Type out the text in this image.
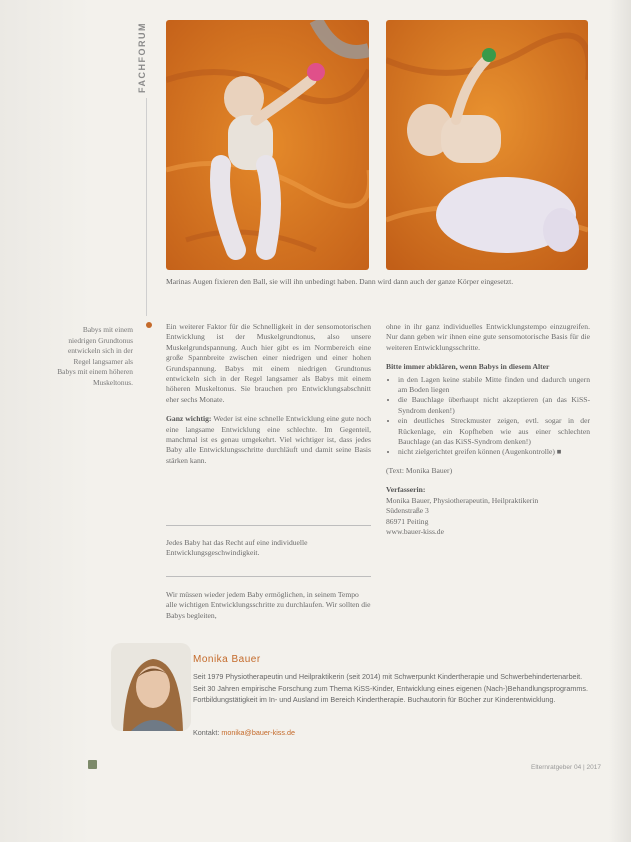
FACHFORUM
Marinas Augen fixieren den Ball, sie will ihn unbedingt haben. Dann wird dann auch der ganze Körper eingesetzt.
Babys mit einem niedrigen Grundtonus entwickeln sich in der Regel langsamer als Babys mit einem höheren Muskeltonus.

Ein weiterer Faktor für die Schnelligkeit in der sensomotorischen Entwicklung ist der Muskelgrundtonus, also unsere Muskelgrundspannung. Auch hier gibt es im Normbereich eine große Spannbreite zwischen einer niedrigen und einer hohen Grundspannung. Babys mit einem niedrigen Grundtonus entwickeln sich in der Regel langsamer als Babys mit einem höheren Muskeltonus. Sie brauchen pro Entwicklungsabschnitt eher sechs Monate.

Ganz wichtig: Weder ist eine schnelle Entwicklung eine gute noch eine langsame Entwicklung eine schlechte. Im Gegenteil, manchmal ist es genau umgekehrt. Viel wichtiger ist, dass jedes Baby alle Entwicklungsschritte durchläuft und damit seine Basis stärken kann.

Jedes Baby hat das Recht auf eine individuelle Entwicklungsgeschwindigkeit.
Wir müssen wieder jedem Baby ermöglichen, in seinem Tempo alle wichtigen Entwicklungsschritte zu durchlaufen. Wir sollten die Babys begleiten,

ohne in ihr ganz individuelles Entwicklungstempo einzugreifen. Nur dann geben wir ihnen eine gute sensomotorische Basis für die weiteren Entwicklungsschritte.

Bitte immer abklären, wenn Babys in diesem Alter

• in den Lagen keine stabile Mitte finden und dadurch ungern am Boden liegen
• die Bauchlage überhaupt nicht akzeptieren (an das KiSS-Syndrom denken!)
• ein deutliches Streckmuster zeigen, evtl. sogar in der Rückenlage, ein Kopfheben wie aus einer schlechten Bauchlage (an das KiSS-Syndrom denken!)
• nicht zielgerichtet greifen können (Augenkontrolle) ■

(Text: Monika Bauer)

Verfasserin:

Monika Bauer, Physiotherapeutin, Heilpraktikerin
Südenstraße 3
86971 Peiting
www.bauer-kiss.de
Monika Bauer
Seit 1979 Physiotherapeutin und Heilpraktikerin (seit 2014) mit Schwerpunkt Kindertherapie und Schwerbehindertenarbeit. Seit 30 Jahren empirische Forschung zum Thema KiSS-Kinder, Entwicklung eines eigenen (Nach-)Behandlungsprogramms. Fortbildungstätigkeit im In- und Ausland im Bereich Kindertherapie. Buchautorin für Bücher zur Kinderentwicklung.
Kontakt: monika@bauer-kiss.de
Elternratgeber 04 | 2017
